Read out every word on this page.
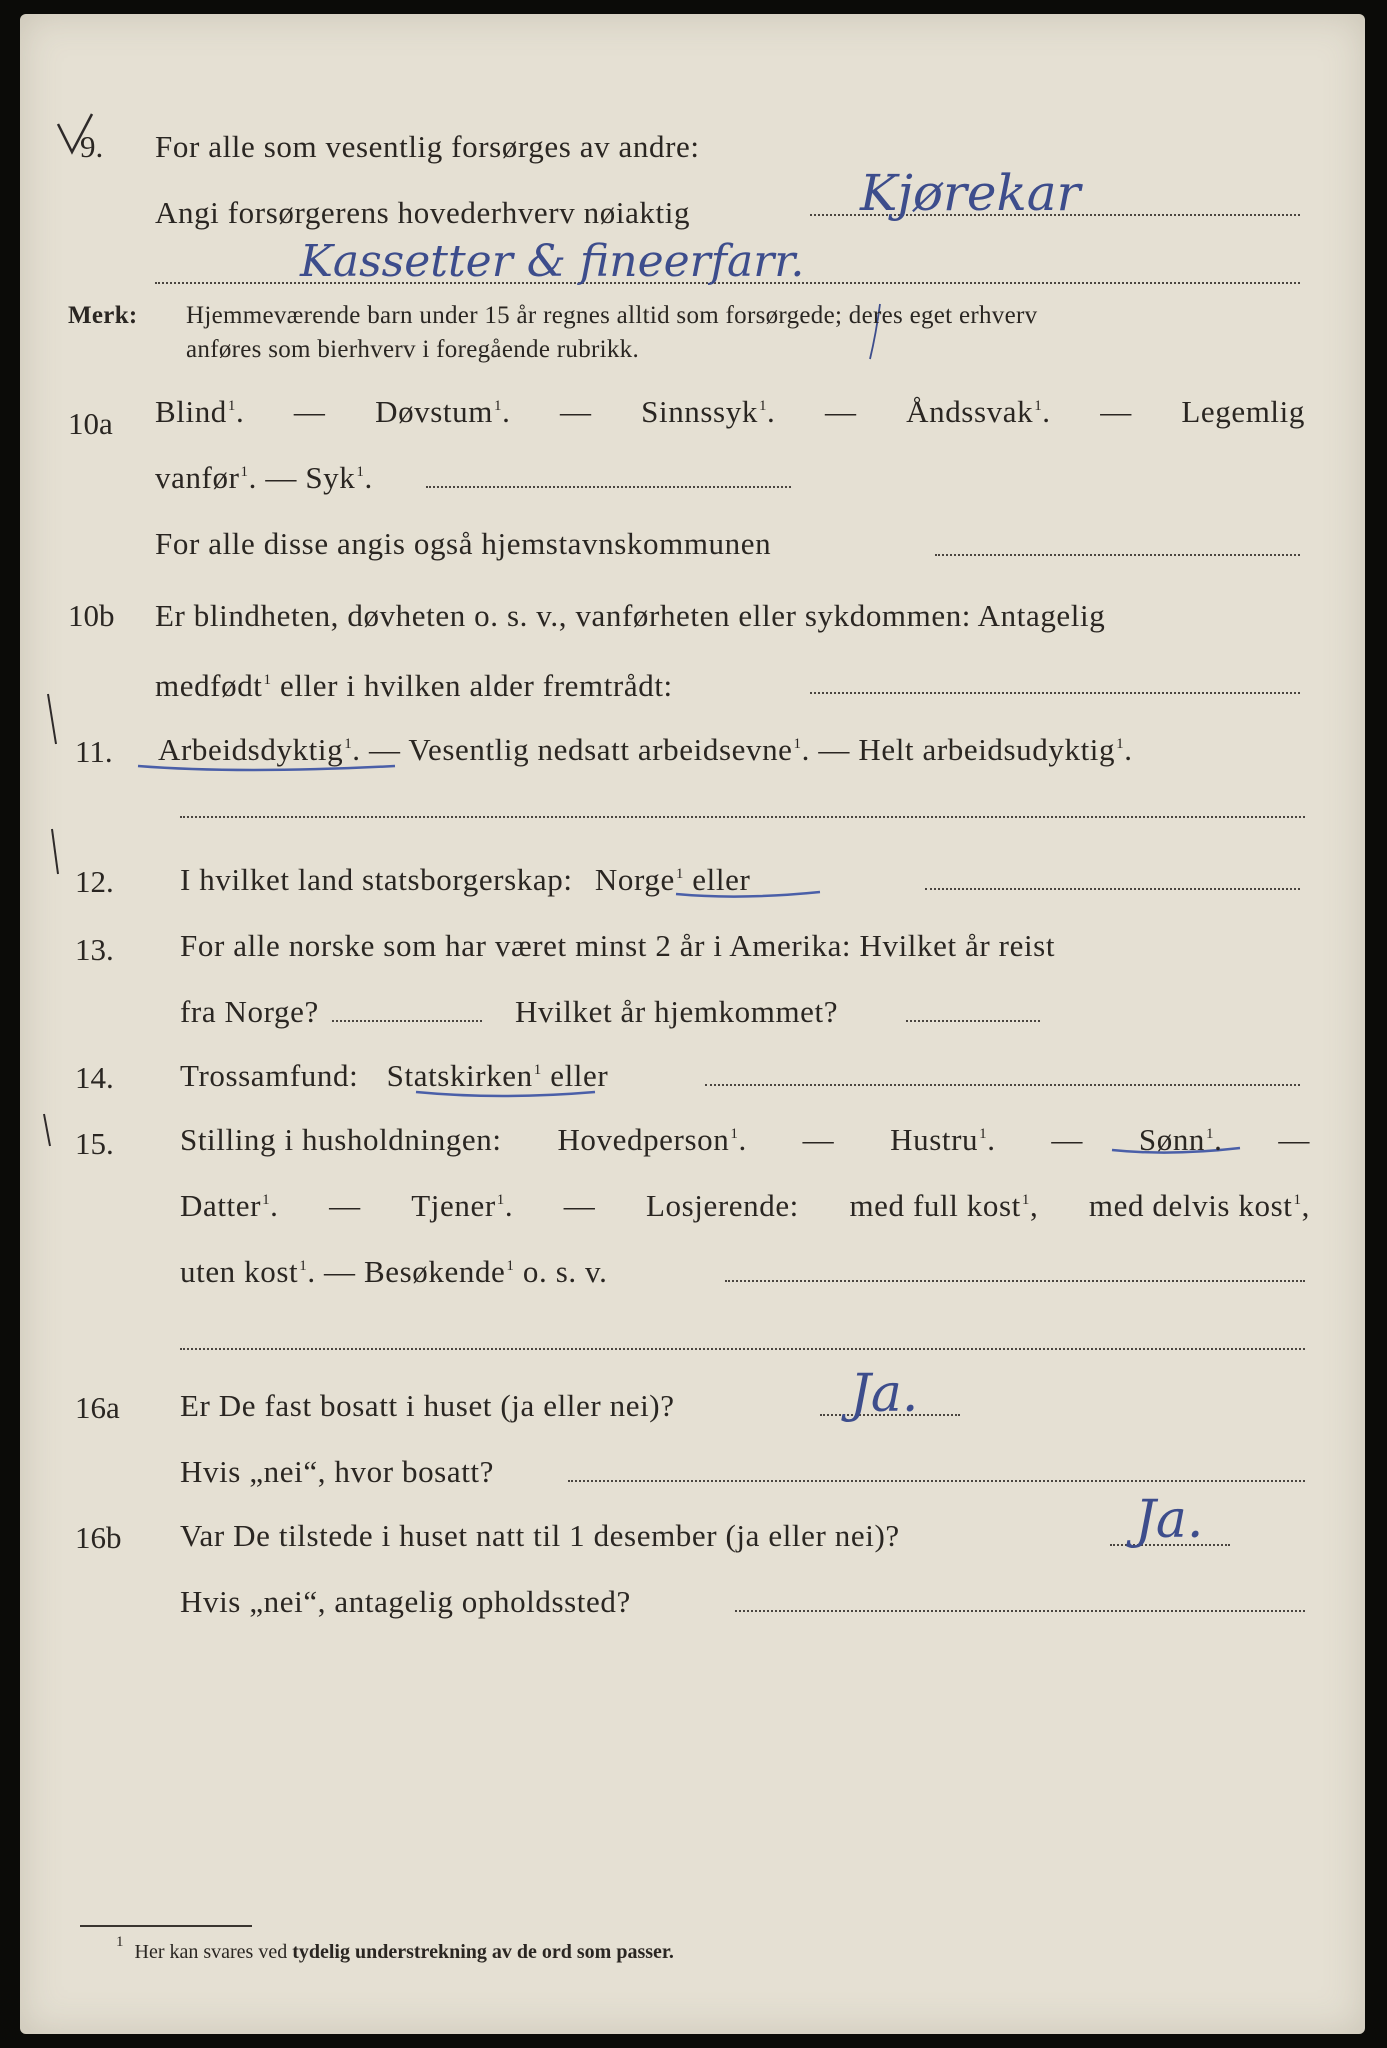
9. For alle som vesentlig forsørges av andre:
Angi forsørgerens hovederhverv nøiaktig	Kjørekar
Kassetter & fineerfarr.
Merk: Hjemmeværende barn under 15 år regnes alltid som forsørgede; deres eget erhverv
anføres som bierhverv i foregående rubrikk.
10a Blind$^1$. — Døvstum$^1$. — Sinnssyk$^1$. — Åndssvak$^1$. — Legemlig
vanfør$^1$. — Syk$^1$.
For alle disse angis også hjemstavnskommunen
10b Er blindheten, døvheten o. s. v., vanførheten eller sykdommen: Antagelig
medfødt$^1$ eller i hvilken alder fremtrådt:
11. Arbeidsdyktig$^1$. — Vesentlig nedsatt arbeidsevne$^1$. — Helt arbeidsudyktig$^1$.
12. I hvilket land statsborgerskap: Norge$^1$ eller
13. For alle norske som har været minst 2 år i Amerika: Hvilket år reist
fra Norge?	Hvilket år hjemkommet?
14. Trossamfund: Statskirken$^1$ eller
15. Stilling i husholdningen: Hovedperson$^1$. — Hustru$^1$. — Sønn$^1$. —
Datter$^1$. — Tjener$^1$. — Losjerende: med full kost$^1$, med delvis kost$^1$,
uten kost$^1$. — Besøkende$^1$ o. s. v.
16a Er De fast bosatt i huset (ja eller nei)?	Ja.
Hvis „nei“, hvor bosatt?
16b Var De tilstede i huset natt til 1 desember (ja eller nei)?	Ja.
Hvis „nei“, antagelig opholdssted?
$^1$ Her kan svares ved tydelig understrekning av de ord som passer.
